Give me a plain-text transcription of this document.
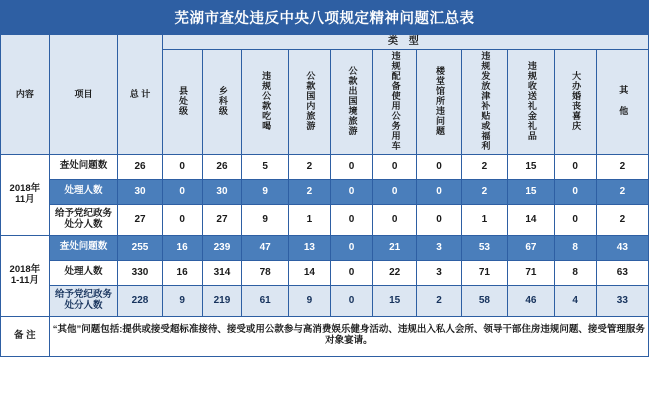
芜湖市查处违反中央八项规定精神问题汇总表
内容	项目	总 计	类 型										
			县处级	乡科级	违规公款吃喝	公款国内旅游	公款出国境旅游	违规配备使用公务用车	楼堂馆所违问题	违规发放津补贴或福利	违规收送礼金礼品	大办婚丧喜庆	其 他

2018年
11月	查处问题数	26	0	26	5	2	0	0	0	2	15	0	2
	处理人数	30	0	30	9	2	0	0	0	2	15	0	2

	给予党纪政务
处分人数	27	0	27	9	1	0	0	0	1	14	0	2

2018年
1-11月	查处问题数	255	16	239	47	13	0	21	3	53	67	8	43
	处理人数	330	16	314	78	14	0	22	3	71	71	8	63

	给予党纪政务
处分人数	228	9	219	61	9	0	15	2	58	46	4	33
备 注	“其他”问题包括:提供或接受超标准接待、接受或用公款参与高消费娱乐健身活动、违规出入私人会所、领导干部住房违规问题、接受管理服务对象宴请。												
